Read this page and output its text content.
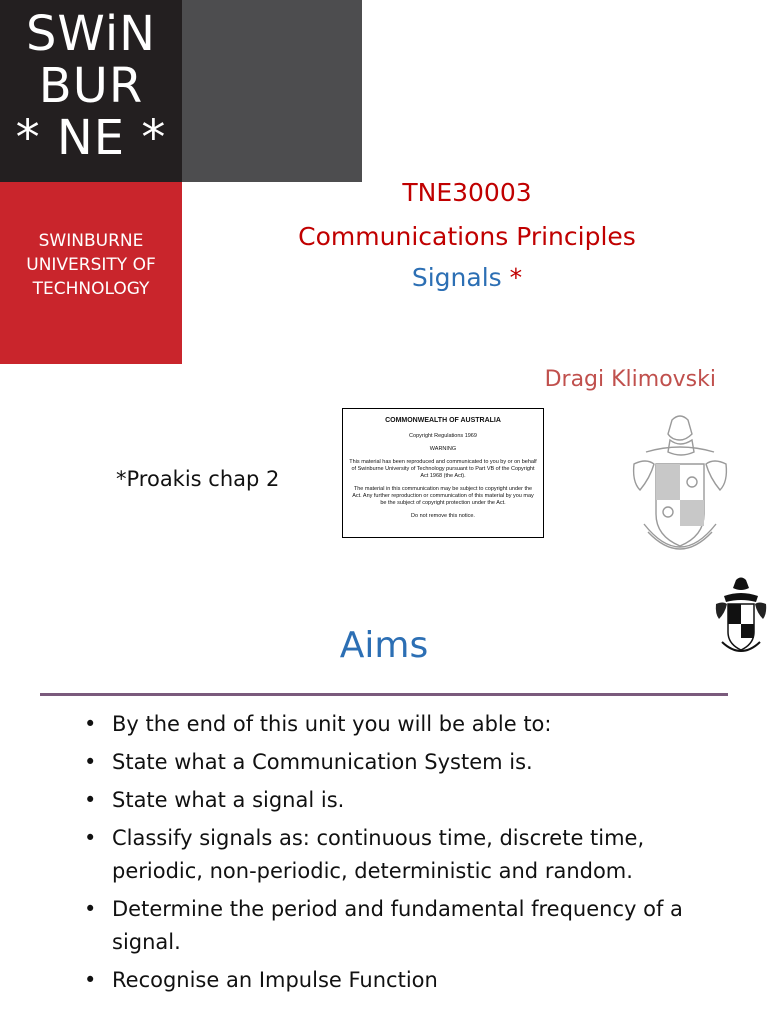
SWiN
BUR
* NE *
SWINBURNE
UNIVERSITY OF
TECHNOLOGY
TNE30003
Communications Principles
Signals *
Dragi Klimovski
*Proakis chap 2
COMMONWEALTH OF AUSTRALIA
Copyright Regulations 1969
WARNING
This material has been reproduced and communicated to you by or on behalf of Swinburne University of Technology pursuant to Part VB of the Copyright Act 1968 (the Act).
The material in this communication may be subject to copyright under the Act. Any further reproduction or communication of this material by you may be the subject of copyright protection under the Act.
Do not remove this notice.
Aims
• By the end of this unit you will be able to:
• State what a Communication System is.
• State what a signal is.
• Classify signals as: continuous time, discrete time, periodic, non-periodic, deterministic and random.
• Determine the period and fundamental frequency of a signal.
• Recognise an Impulse Function
